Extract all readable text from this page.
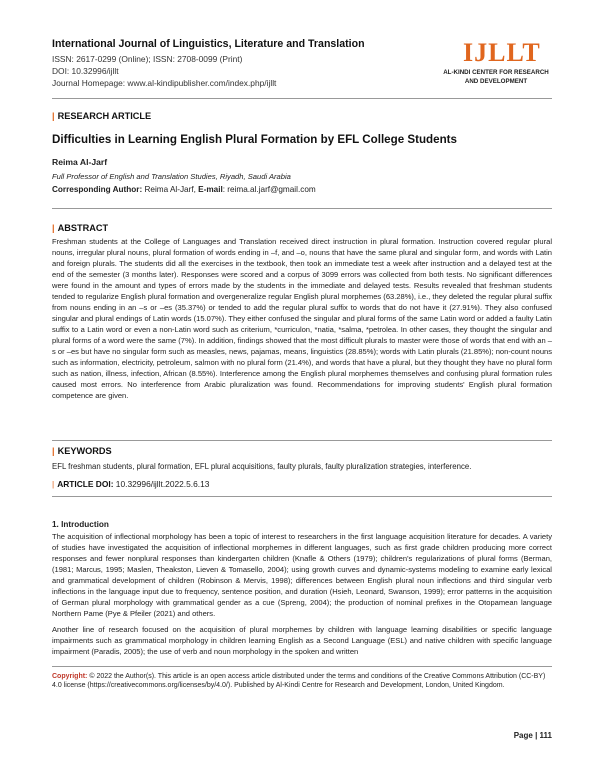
International Journal of Linguistics, Literature and Translation
ISSN: 2617-0299 (Online); ISSN: 2708-0099 (Print)
DOI: 10.32996/ijllt
Journal Homepage: www.al-kindipublisher.com/index.php/ijllt
IJLLT
AL-KINDI CENTER FOR RESEARCH
AND DEVELOPMENT
| RESEARCH ARTICLE
Difficulties in Learning English Plural Formation by EFL College Students
Reima Al-Jarf
Full Professor of English and Translation Studies, Riyadh, Saudi Arabia
Corresponding Author: Reima Al-Jarf, E-mail: reima.al.jarf@gmail.com
| ABSTRACT
Freshman students at the College of Languages and Translation received direct instruction in plural formation. Instruction covered regular plural nouns, irregular plural nouns, plural formation of words ending in –f, and –o, nouns that have the same plural and singular form, and words with Latin and foreign plurals. The students did all the exercises in the textbook, then took an immediate test a week after instruction and a delayed test at the end of the semester (3 months later). Responses were scored and a corpus of 3099 errors was collected from both tests. No significant differences were found in the amount and types of errors made by the students in the immediate and delayed tests. Results revealed that freshman students tended to regularize English plural formation and overgeneralize regular English plural morphemes (63.28%), i.e., they deleted the regular plural suffix from nouns ending in an –s or –es (35.37%) or tended to add the regular plural suffix to words that do not have it (27.91%). They also confused singular and plural endings of Latin words (15.07%). They either confused the singular and plural forms of the same Latin word or added a faulty Latin suffix to a Latin word or even a non-Latin word such as criterium, *curriculon, *natia, *salma, *petrolea. In other cases, they thought the singular and plural forms of a word were the same (7%). In addition, findings showed that the most difficult plurals to master were those of words that end with an –s or –es but have no singular form such as measles, news, pajamas, means, linguistics (28.85%); words with Latin plurals (21.85%); non-count nouns such as information, electricity, petroleum, salmon with no plural form (21.4%), and words that have a plural, but they thought they have no plural form such as nation, illness, infection, African (8.55%). Interference among the English plural morphemes themselves and confusing plural formation rules caused most errors. No interference from Arabic pluralization was found. Recommendations for improving students' English plural formation competence are given.
| KEYWORDS
EFL freshman students, plural formation, EFL plural acquisitions, faulty plurals, faulty pluralization strategies, interference.
| ARTICLE DOI: 10.32996/ijllt.2022.5.6.13
1. Introduction
The acquisition of inflectional morphology has been a topic of interest to researchers in the first language acquisition literature for decades. A variety of studies have investigated the acquisition of inflectional morphemes in different languages, such as first grade children producing more correct responses and fewer nonplural responses than kindergarten children (Knafle & Others (1979); children's regularizations of plural forms (Berman, (1981; Marcus, 1995; Maslen, Theakston, Lieven & Tomasello, 2004); using growth curves and dynamic-systems modeling to examine early lexical and grammatical development of children (Robinson & Mervis, 1998); differences between English plural noun inflections and third singular verb inflections in the language input due to frequency, sentence position, and duration (Hsieh, Leonard, Swanson, 1999); error patterns in the acquisition of German plural morphology with grammatical gender as a cue (Spreng, 2004); the production of nominal prefixes in the Otopamean language Northern Pame (Pye & Pfeiler (2021) and others.
Another line of research focused on the acquisition of plural morphemes by children with language learning disabilities or specific language impairments such as grammatical morphology in children learning English as a Second Language (ESL) and native children with specific language impairment (Paradis, 2005); the use of verb and noun morphology in the spoken and written
Copyright: © 2022 the Author(s). This article is an open access article distributed under the terms and conditions of the Creative Commons Attribution (CC-BY) 4.0 license (https://creativecommons.org/licenses/by/4.0/). Published by Al-Kindi Centre for Research and Development, London, United Kingdom.
Page | 111
